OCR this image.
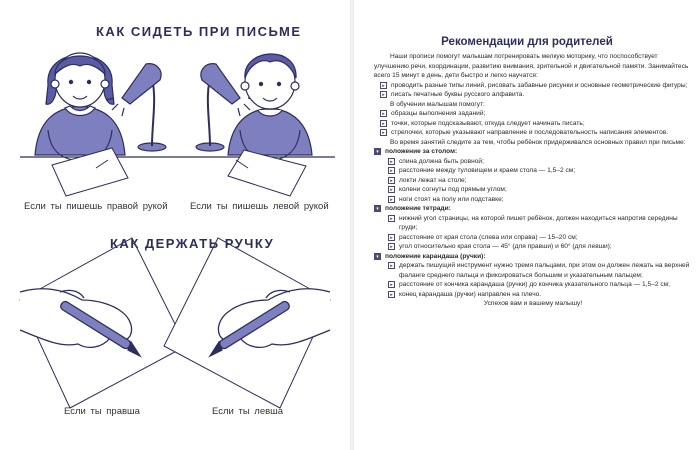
КАК СИДЕТЬ ПРИ ПИСЬМЕ
Если ты пишешь правой рукой Если ты пишешь левой рукой
КАК ДЕРЖАТЬ РУЧКУ
Если ты правша	Если ты левша
Рекомендации для родителей

Наши прописи помогут малышам потренировать мелкую моторику, что поспособствует улучшению речи, координации, развитию внимания, зрительной и двигательной памяти. Занимайтесь всего 15 минут в день, дети быстро и легко научатся:

▸ проводить разные типы линий, рисовать забавные рисунки и основные геометрические фигуры;
▸ писать печатные буквы русского алфавита.

В обучении малышам помогут:

▸ образцы выполнения заданий;
▸ точки, которые подсказывают, откуда следует начинать писать;
▸ стрелочки, которые указывают направление и последовательность написания элементов.

Во время занятий следите за тем, чтобы ребёнок придерживался основных правил при письме:

▾ положение за столом:
▸ спина должна быть ровной;
▸ расстояние между туловищем и краем стола — 1,5–2 см;
▸ локти лежат на столе;
▸ колени согнуты под прямым углом;
▸ ноги стоят на полу или подставке;
▾ положение тетради:
▸ нижний угол страницы, на которой пишет ребёнок, должен находиться напротив середины груди;
▸ расстояние от края стола (слева или справа) — 15–20 см;
▸ угол относительно края стола — 45° (для правши) и 60° (для левши);
▾ положение карандаша (ручки):
▸ держать пишущий инструмент нужно тремя пальцами, при этом он должен лежать на верхней фаланге среднего пальца и фиксироваться большим и указательным пальцем;
▸ расстояние от кончика карандаша (ручки) до кончика указательного пальца — 1,5–2 см;
▸ конец карандаша (ручки) направлен на плечо.

Успехов вам и вашему малышу!
